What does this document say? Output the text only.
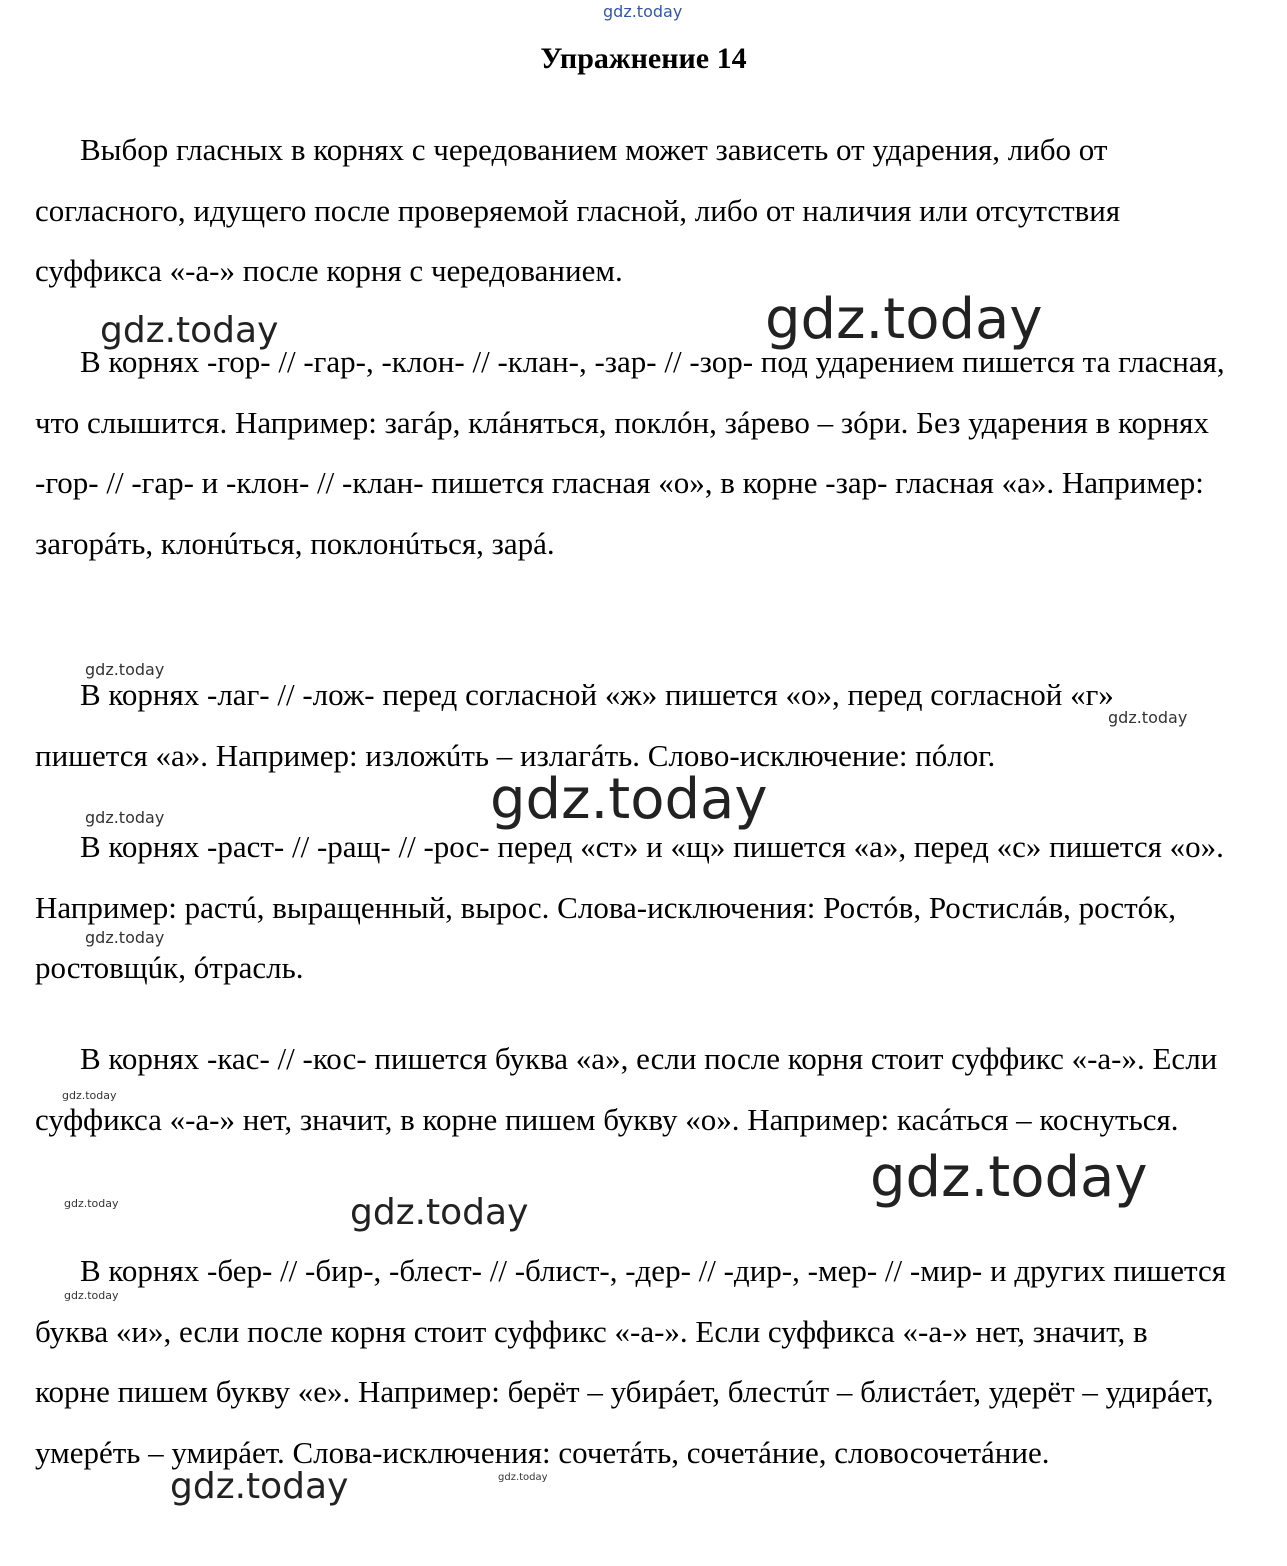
gdz.today
Упражнение 14

Выбор гласных в корнях с чередованием может зависеть от ударения, либо от согласного, идущего после проверяемой гласной, либо от наличия или отсутствия суффикса «-а-» после корня с чередованием.

В корнях -гор- // -гар-, -клон- // -клан-, -зар- // -зор- под ударением пишется та гласная, что слышится. Например: загáр, клáняться, поклóн, зáрево – зóри. Без ударения в корнях -гор- // -гар- и -клон- // -клан- пишется гласная «о», в корне -зар- гласная «а». Например: загорáть, клонúться, поклонúться, зарá.

В корнях -лаг- // -лож- перед согласной «ж» пишется «о», перед согласной «г» пишется «а». Например: изложúть – излагáть. Слово-исключение: пóлог.

В корнях -раст- // -ращ- // -рос- перед «ст» и «щ» пишется «а», перед «с» пишется «о». Например: растú, выращенный, вырос. Слова-исключения: Ростóв, Ростислáв, ростóк, ростовщúк, óтрасль.

В корнях -кас- // -кос- пишется буква «а», если после корня стоит суффикс «-а-». Если суффикса «-а-» нет, значит, в корне пишем букву «о». Например: касáться – коснуться.

В корнях -бер- // -бир-, -блест- // -блист-, -дер- // -дир-, -мер- // -мир- и других пишется буква «и», если после корня стоит суффикс «-а-». Если суффикса «-а-» нет, значит, в корне пишем букву «е». Например: берёт – убирáет, блестúт – блистáет, удерёт – удирáет, умерéть – умирáет. Слова-исключения: сочетáть, сочетáние, словосочетáние.

gdz.today	gdz.today
gdz.today
gdz.today
gdz.today
gdz.today
gdz.today
gdz.today
gdz.today
gdz.today	gdz.today
gdz.today
gdz.today	gdz.today
